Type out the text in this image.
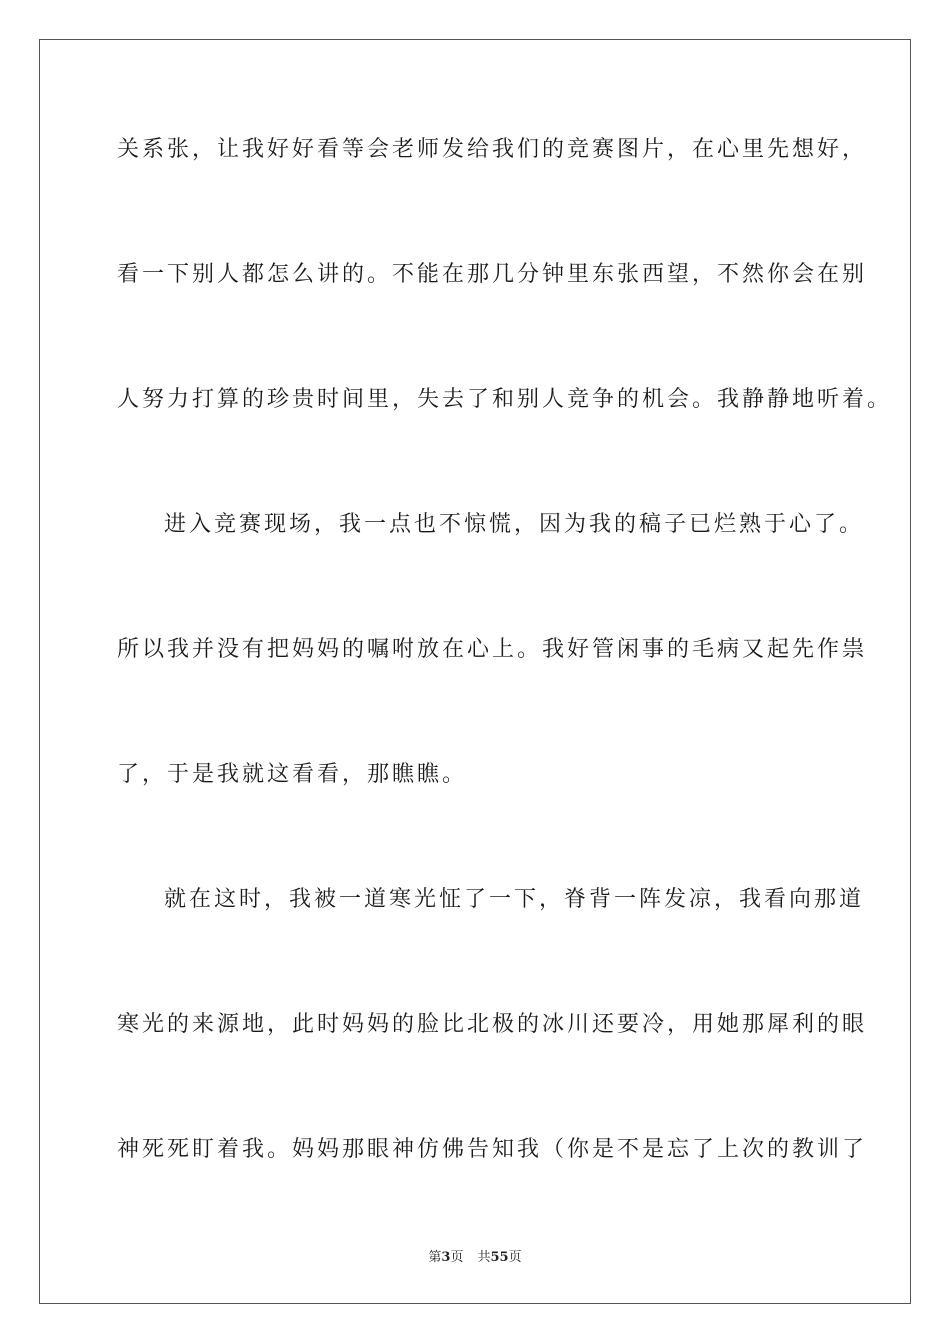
关系张，让我好好看等会老师发给我们的竞赛图片，在心里先想好，
看一下别人都怎么讲的。不能在那几分钟里东张西望，不然你会在别
人努力打算的珍贵时间里，失去了和别人竞争的机会。我静静地听着。
进入竞赛现场，我一点也不惊慌，因为我的稿子已烂熟于心了。
所以我并没有把妈妈的嘱咐放在心上。我好管闲事的毛病又起先作祟
了，于是我就这看看，那瞧瞧。
就在这时，我被一道寒光怔了一下，脊背一阵发凉，我看向那道
寒光的来源地，此时妈妈的脸比北极的冰川还要冷，用她那犀利的眼
神死死盯着我。妈妈那眼神仿佛告知我（你是不是忘了上次的教训了
第3页 共55页
